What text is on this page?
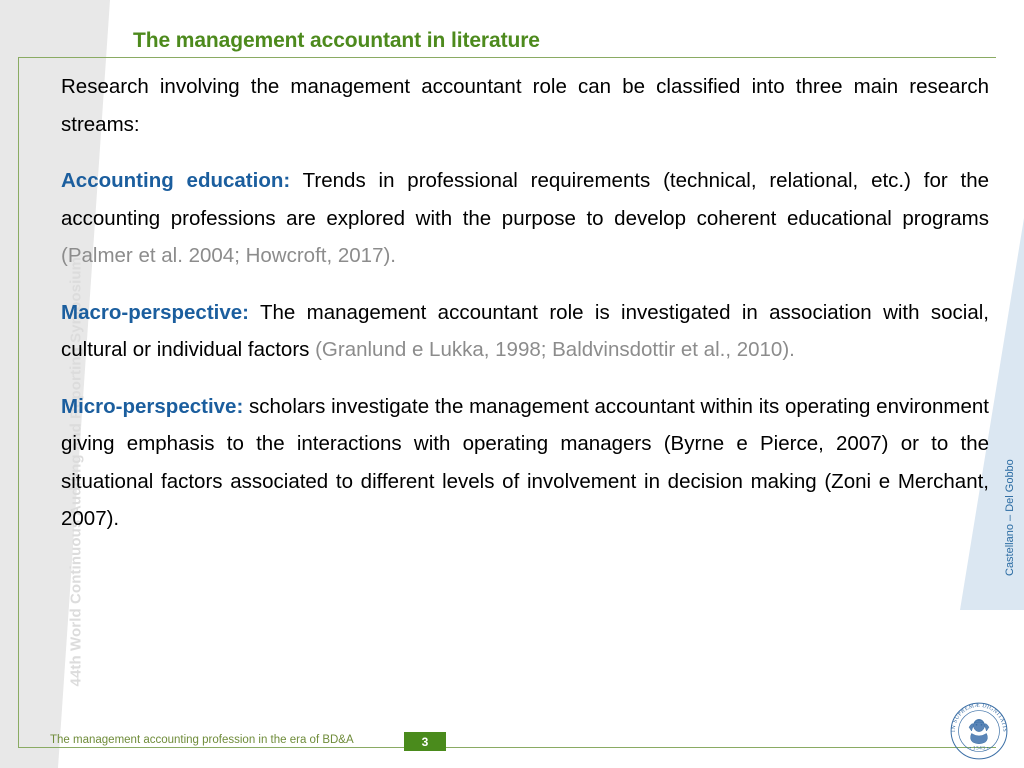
The management accountant in literature
44th World Continuous Auditing and Reporting Symposium	Castellano – Del Gobbo

Research involving the management accountant role can be classified into three main research streams:

Accounting education: Trends in professional requirements (technical, relational, etc.) for the accounting professions are explored with the purpose to develop coherent educational programs (Palmer et al. 2004; Howcroft, 2017).

Macro-perspective: The management accountant role is investigated in association with social, cultural or individual factors (Granlund e Lukka, 1998; Baldvinsdottir et al., 2010).

Micro-perspective: scholars investigate the management accountant within its operating environment giving emphasis to the interactions with operating managers (Byrne e Pierce, 2007) or to the situational factors associated to different levels of involvement in decision making (Zoni e Merchant, 2007).

The management accounting profession in the era of BD&A	3
IN SUPREMÆ DIGNITATIS
1343
